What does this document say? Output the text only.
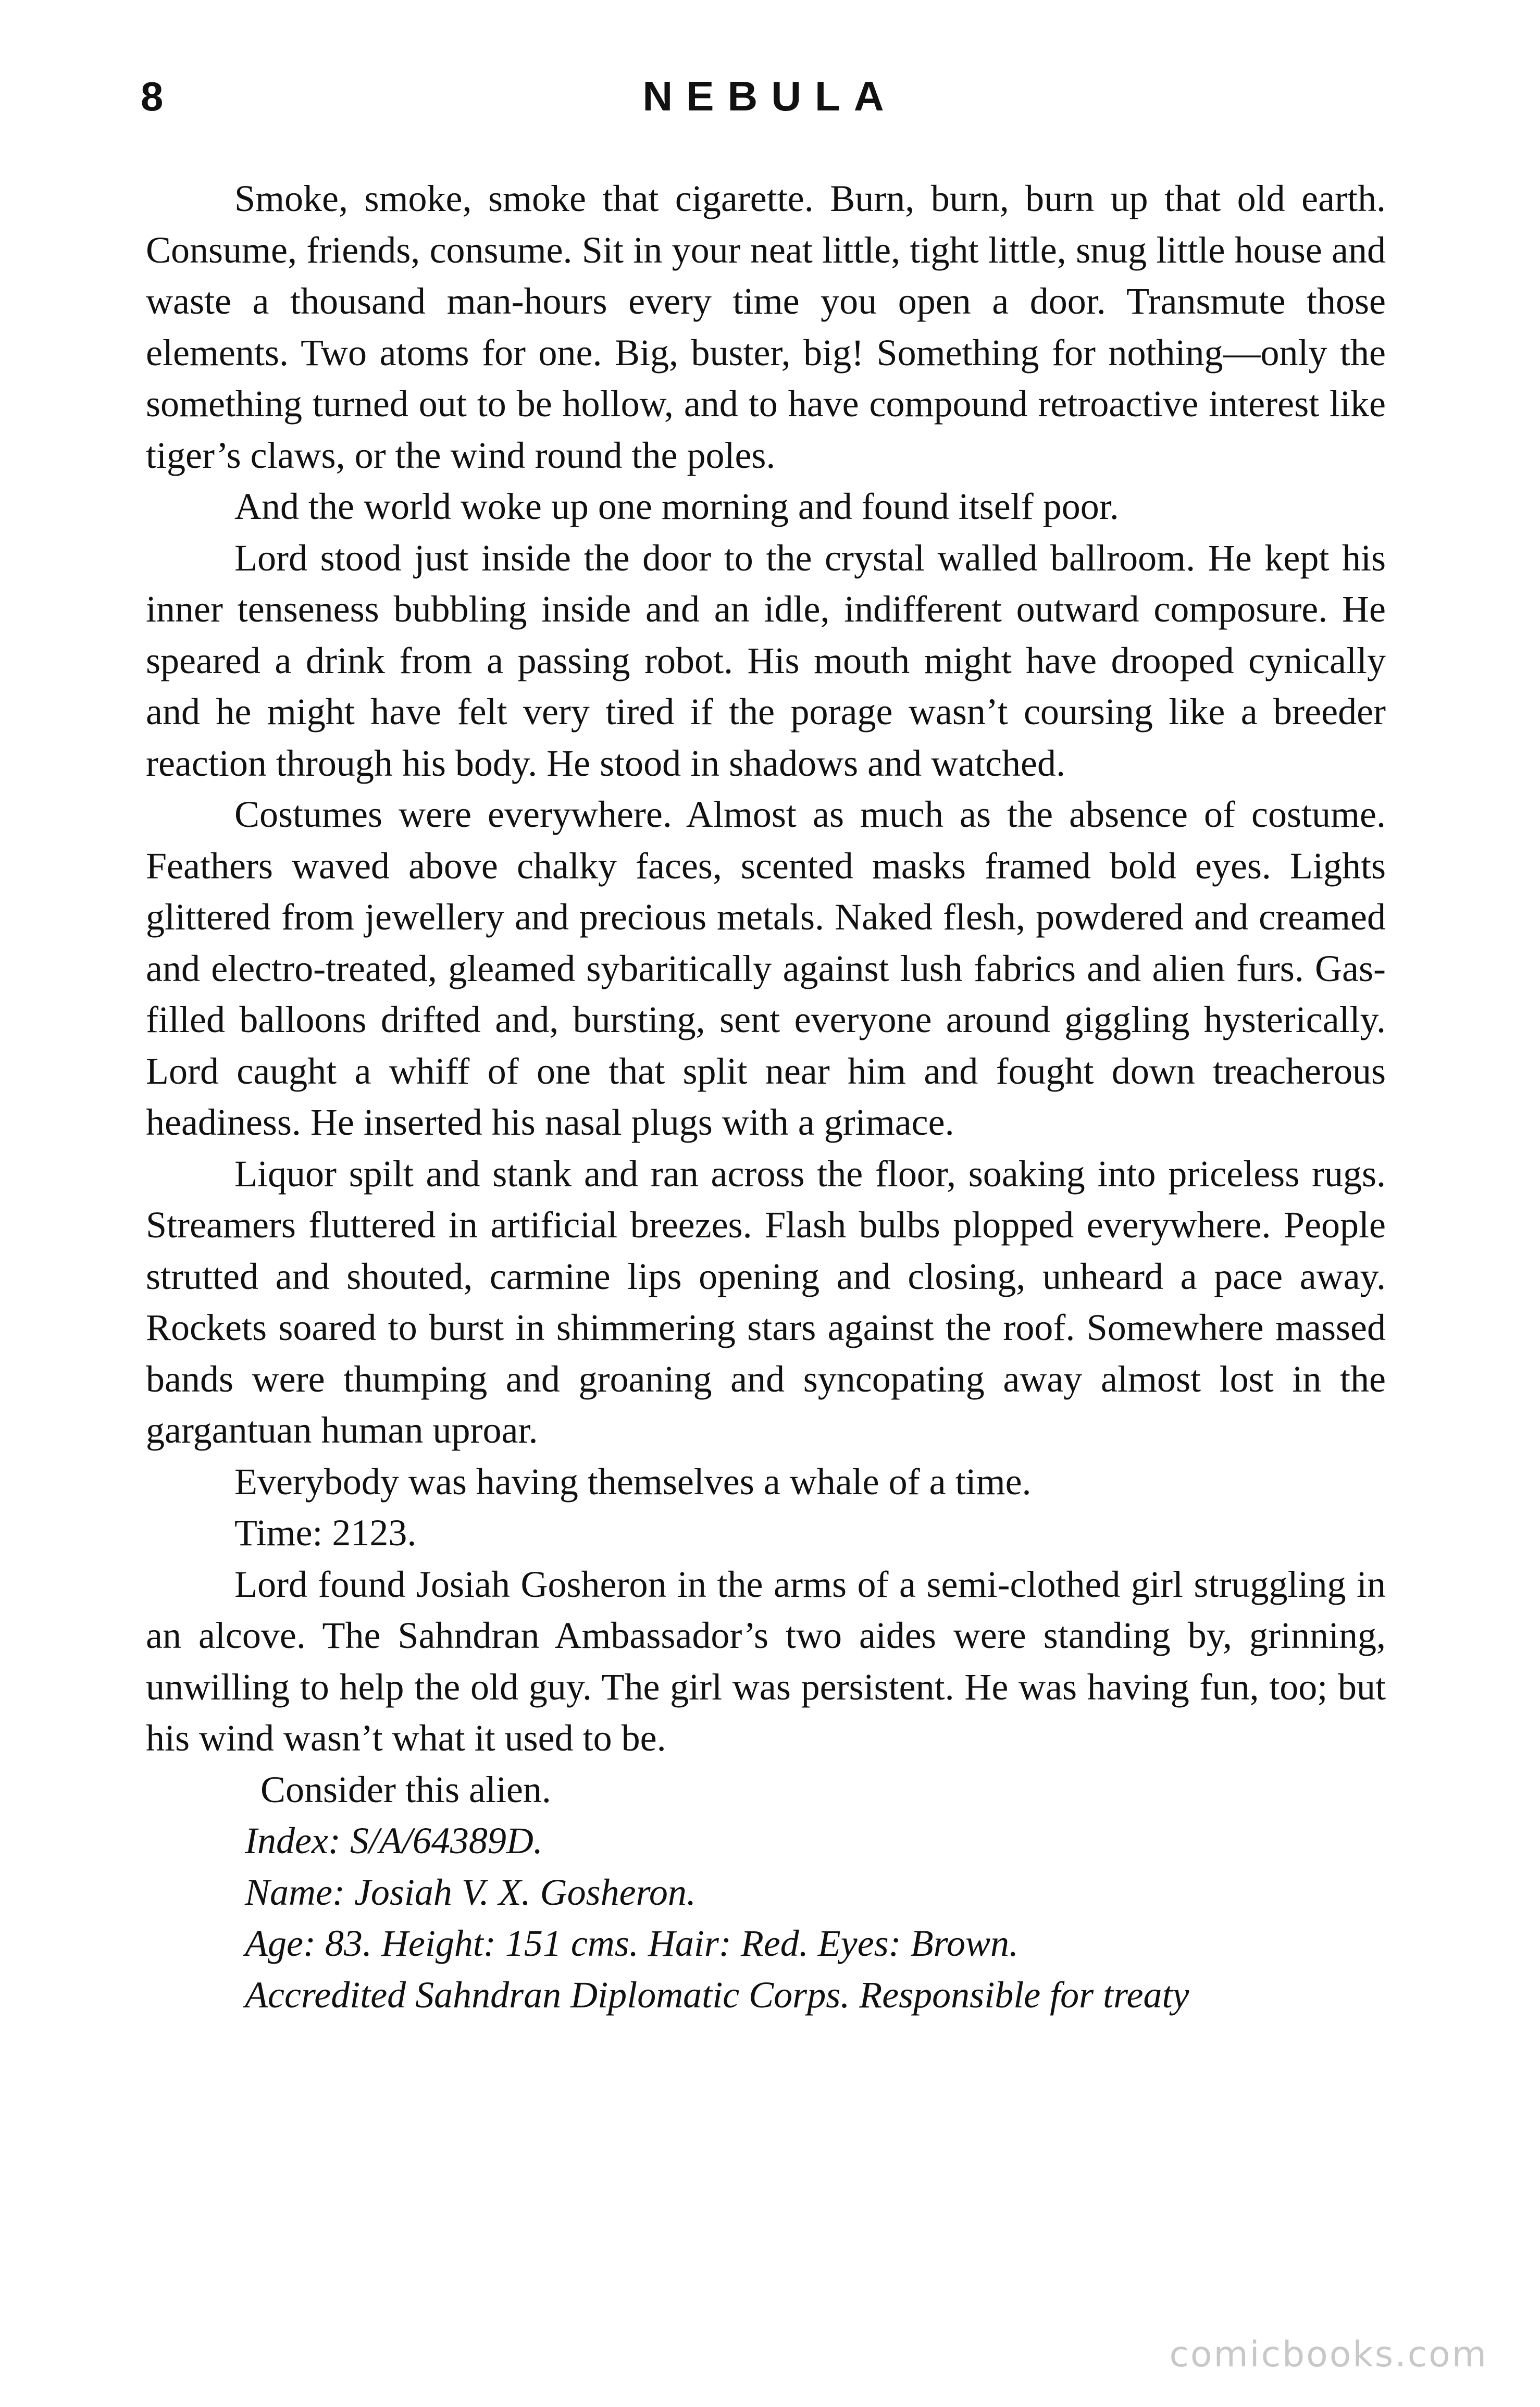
8	NEBULA

Smoke, smoke, smoke that cigarette. Burn, burn, burn up that old earth. Consume, friends, consume. Sit in your neat little, tight little, snug little house and waste a thousand man-hours every time you open a door. Transmute those elements. Two atoms for one. Big, buster, big! Something for nothing—only the something turned out to be hollow, and to have compound retroactive interest like tiger’s claws, or the wind round the poles.

And the world woke up one morning and found itself poor.

Lord stood just inside the door to the crystal walled ballroom. He kept his inner tenseness bubbling inside and an idle, indifferent outward composure. He speared a drink from a passing robot. His mouth might have drooped cynically and he might have felt very tired if the porage wasn’t coursing like a breeder reaction through his body. He stood in shadows and watched.

Costumes were everywhere. Almost as much as the absence of costume. Feathers waved above chalky faces, scented masks framed bold eyes. Lights glittered from jewellery and precious metals. Naked flesh, powdered and creamed and electro-treated, gleamed sybaritically against lush fabrics and alien furs. Gas-filled balloons drifted and, bursting, sent everyone around giggling hysterically. Lord caught a whiff of one that split near him and fought down treacherous headiness. He inserted his nasal plugs with a grimace.

Liquor spilt and stank and ran across the floor, soaking into priceless rugs. Streamers fluttered in artificial breezes. Flash bulbs plopped everywhere. People strutted and shouted, carmine lips opening and closing, unheard a pace away. Rockets soared to burst in shimmering stars against the roof. Somewhere massed bands were thumping and groaning and syncopating away almost lost in the gargantuan human uproar.

Everybody was having themselves a whale of a time.

Time: 2123.

Lord found Josiah Gosheron in the arms of a semi-clothed girl struggling in an alcove. The Sahndran Ambassador’s two aides were standing by, grinning, unwilling to help the old guy. The girl was persistent. He was having fun, too; but his wind wasn’t what it used to be.

Consider this alien.
Index: S/A/64389D.
Name: Josiah V. X. Gosheron.
Age: 83. Height: 151 cms. Hair: Red. Eyes: Brown.
Accredited Sahndran Diplomatic Corps. Responsible for treaty
comicbooks.com
